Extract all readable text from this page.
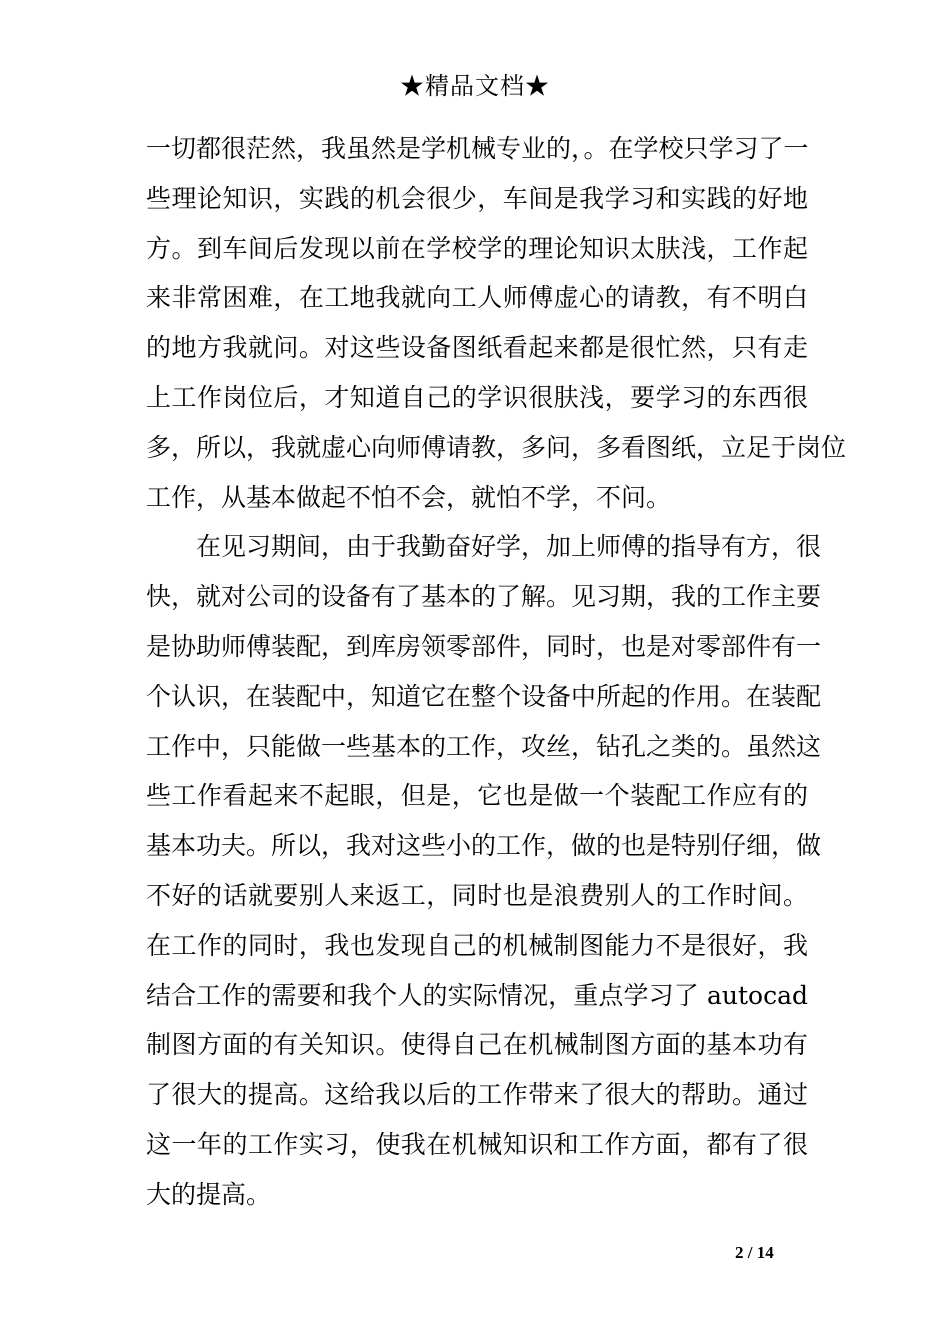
★精品文档★
一切都很茫然，我虽然是学机械专业的，。在学校只学习了一
些理论知识，实践的机会很少，车间是我学习和实践的好地
方。到车间后发现以前在学校学的理论知识太肤浅，工作起
来非常困难，在工地我就向工人师傅虚心的请教，有不明白
的地方我就问。对这些设备图纸看起来都是很忙然，只有走
上工作岗位后，才知道自己的学识很肤浅，要学习的东西很
多，所以，我就虚心向师傅请教，多问，多看图纸，立足于岗位
工作，从基本做起不怕不会，就怕不学，不问。
在见习期间，由于我勤奋好学，加上师傅的指导有方，很
快，就对公司的设备有了基本的了解。见习期，我的工作主要
是协助师傅装配，到库房领零部件，同时，也是对零部件有一
个认识，在装配中，知道它在整个设备中所起的作用。在装配
工作中，只能做一些基本的工作，攻丝，钻孔之类的。虽然这
些工作看起来不起眼，但是，它也是做一个装配工作应有的
基本功夫。所以，我对这些小的工作，做的也是特别仔细，做
不好的话就要别人来返工，同时也是浪费别人的工作时间。
在工作的同时，我也发现自己的机械制图能力不是很好，我
结合工作的需要和我个人的实际情况，重点学习了 autocad
制图方面的有关知识。使得自己在机械制图方面的基本功有
了很大的提高。这给我以后的工作带来了很大的帮助。通过
这一年的工作实习，使我在机械知识和工作方面，都有了很
大的提高。
2 / 14
